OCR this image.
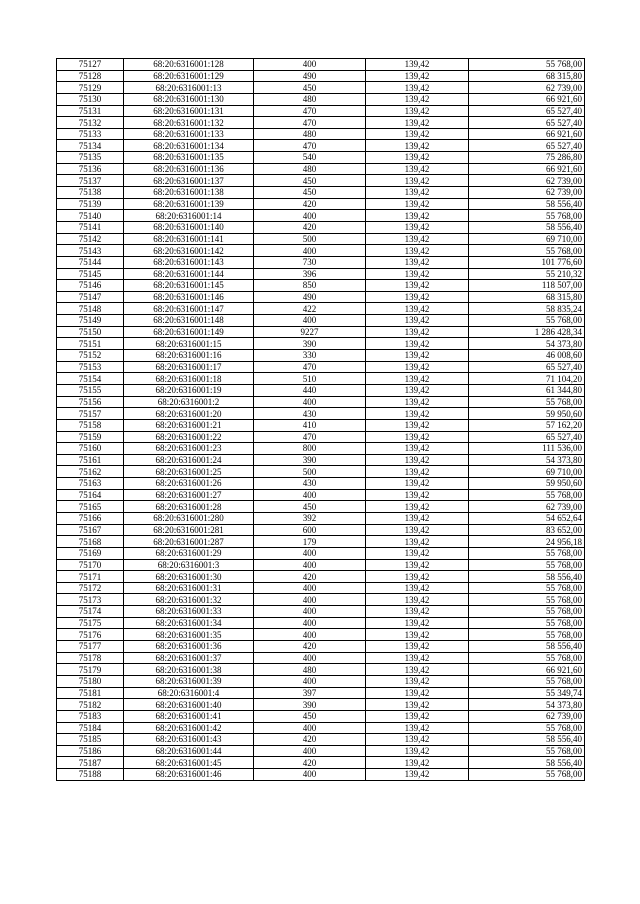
75127	68:20:6316001:128	400	139,42	55 768,00
75128	68:20:6316001:129	490	139,42	68 315,80
75129	68:20:6316001:13	450	139,42	62 739,00
75130	68:20:6316001:130	480	139,42	66 921,60
75131	68:20:6316001:131	470	139,42	65 527,40
75132	68:20:6316001:132	470	139,42	65 527,40
75133	68:20:6316001:133	480	139,42	66 921,60
75134	68:20:6316001:134	470	139,42	65 527,40
75135	68:20:6316001:135	540	139,42	75 286,80
75136	68:20:6316001:136	480	139,42	66 921,60
75137	68:20:6316001:137	450	139,42	62 739,00
75138	68:20:6316001:138	450	139,42	62 739,00
75139	68:20:6316001:139	420	139,42	58 556,40
75140	68:20:6316001:14	400	139,42	55 768,00
75141	68:20:6316001:140	420	139,42	58 556,40
75142	68:20:6316001:141	500	139,42	69 710,00
75143	68:20:6316001:142	400	139,42	55 768,00
75144	68:20:6316001:143	730	139,42	101 776,60
75145	68:20:6316001:144	396	139,42	55 210,32
75146	68:20:6316001:145	850	139,42	118 507,00
75147	68:20:6316001:146	490	139,42	68 315,80
75148	68:20:6316001:147	422	139,42	58 835,24
75149	68:20:6316001:148	400	139,42	55 768,00
75150	68:20:6316001:149	9227	139,42	1 286 428,34
75151	68:20:6316001:15	390	139,42	54 373,80
75152	68:20:6316001:16	330	139,42	46 008,60
75153	68:20:6316001:17	470	139,42	65 527,40
75154	68:20:6316001:18	510	139,42	71 104,20
75155	68:20:6316001:19	440	139,42	61 344,80
75156	68:20:6316001:2	400	139,42	55 768,00
75157	68:20:6316001:20	430	139,42	59 950,60
75158	68:20:6316001:21	410	139,42	57 162,20
75159	68:20:6316001:22	470	139,42	65 527,40
75160	68:20:6316001:23	800	139,42	111 536,00
75161	68:20:6316001:24	390	139,42	54 373,80
75162	68:20:6316001:25	500	139,42	69 710,00
75163	68:20:6316001:26	430	139,42	59 950,60
75164	68:20:6316001:27	400	139,42	55 768,00
75165	68:20:6316001:28	450	139,42	62 739,00
75166	68:20:6316001:280	392	139,42	54 652,64
75167	68:20:6316001:281	600	139,42	83 652,00
75168	68:20:6316001:287	179	139,42	24 956,18
75169	68:20:6316001:29	400	139,42	55 768,00
75170	68:20:6316001:3	400	139,42	55 768,00
75171	68:20:6316001:30	420	139,42	58 556,40
75172	68:20:6316001:31	400	139,42	55 768,00
75173	68:20:6316001:32	400	139,42	55 768,00
75174	68:20:6316001:33	400	139,42	55 768,00
75175	68:20:6316001:34	400	139,42	55 768,00
75176	68:20:6316001:35	400	139,42	55 768,00
75177	68:20:6316001:36	420	139,42	58 556,40
75178	68:20:6316001:37	400	139,42	55 768,00
75179	68:20:6316001:38	480	139,42	66 921,60
75180	68:20:6316001:39	400	139,42	55 768,00
75181	68:20:6316001:4	397	139,42	55 349,74
75182	68:20:6316001:40	390	139,42	54 373,80
75183	68:20:6316001:41	450	139,42	62 739,00
75184	68:20:6316001:42	400	139,42	55 768,00
75185	68:20:6316001:43	420	139,42	58 556,40
75186	68:20:6316001:44	400	139,42	55 768,00
75187	68:20:6316001:45	420	139,42	58 556,40
75188	68:20:6316001:46	400	139,42	55 768,00
